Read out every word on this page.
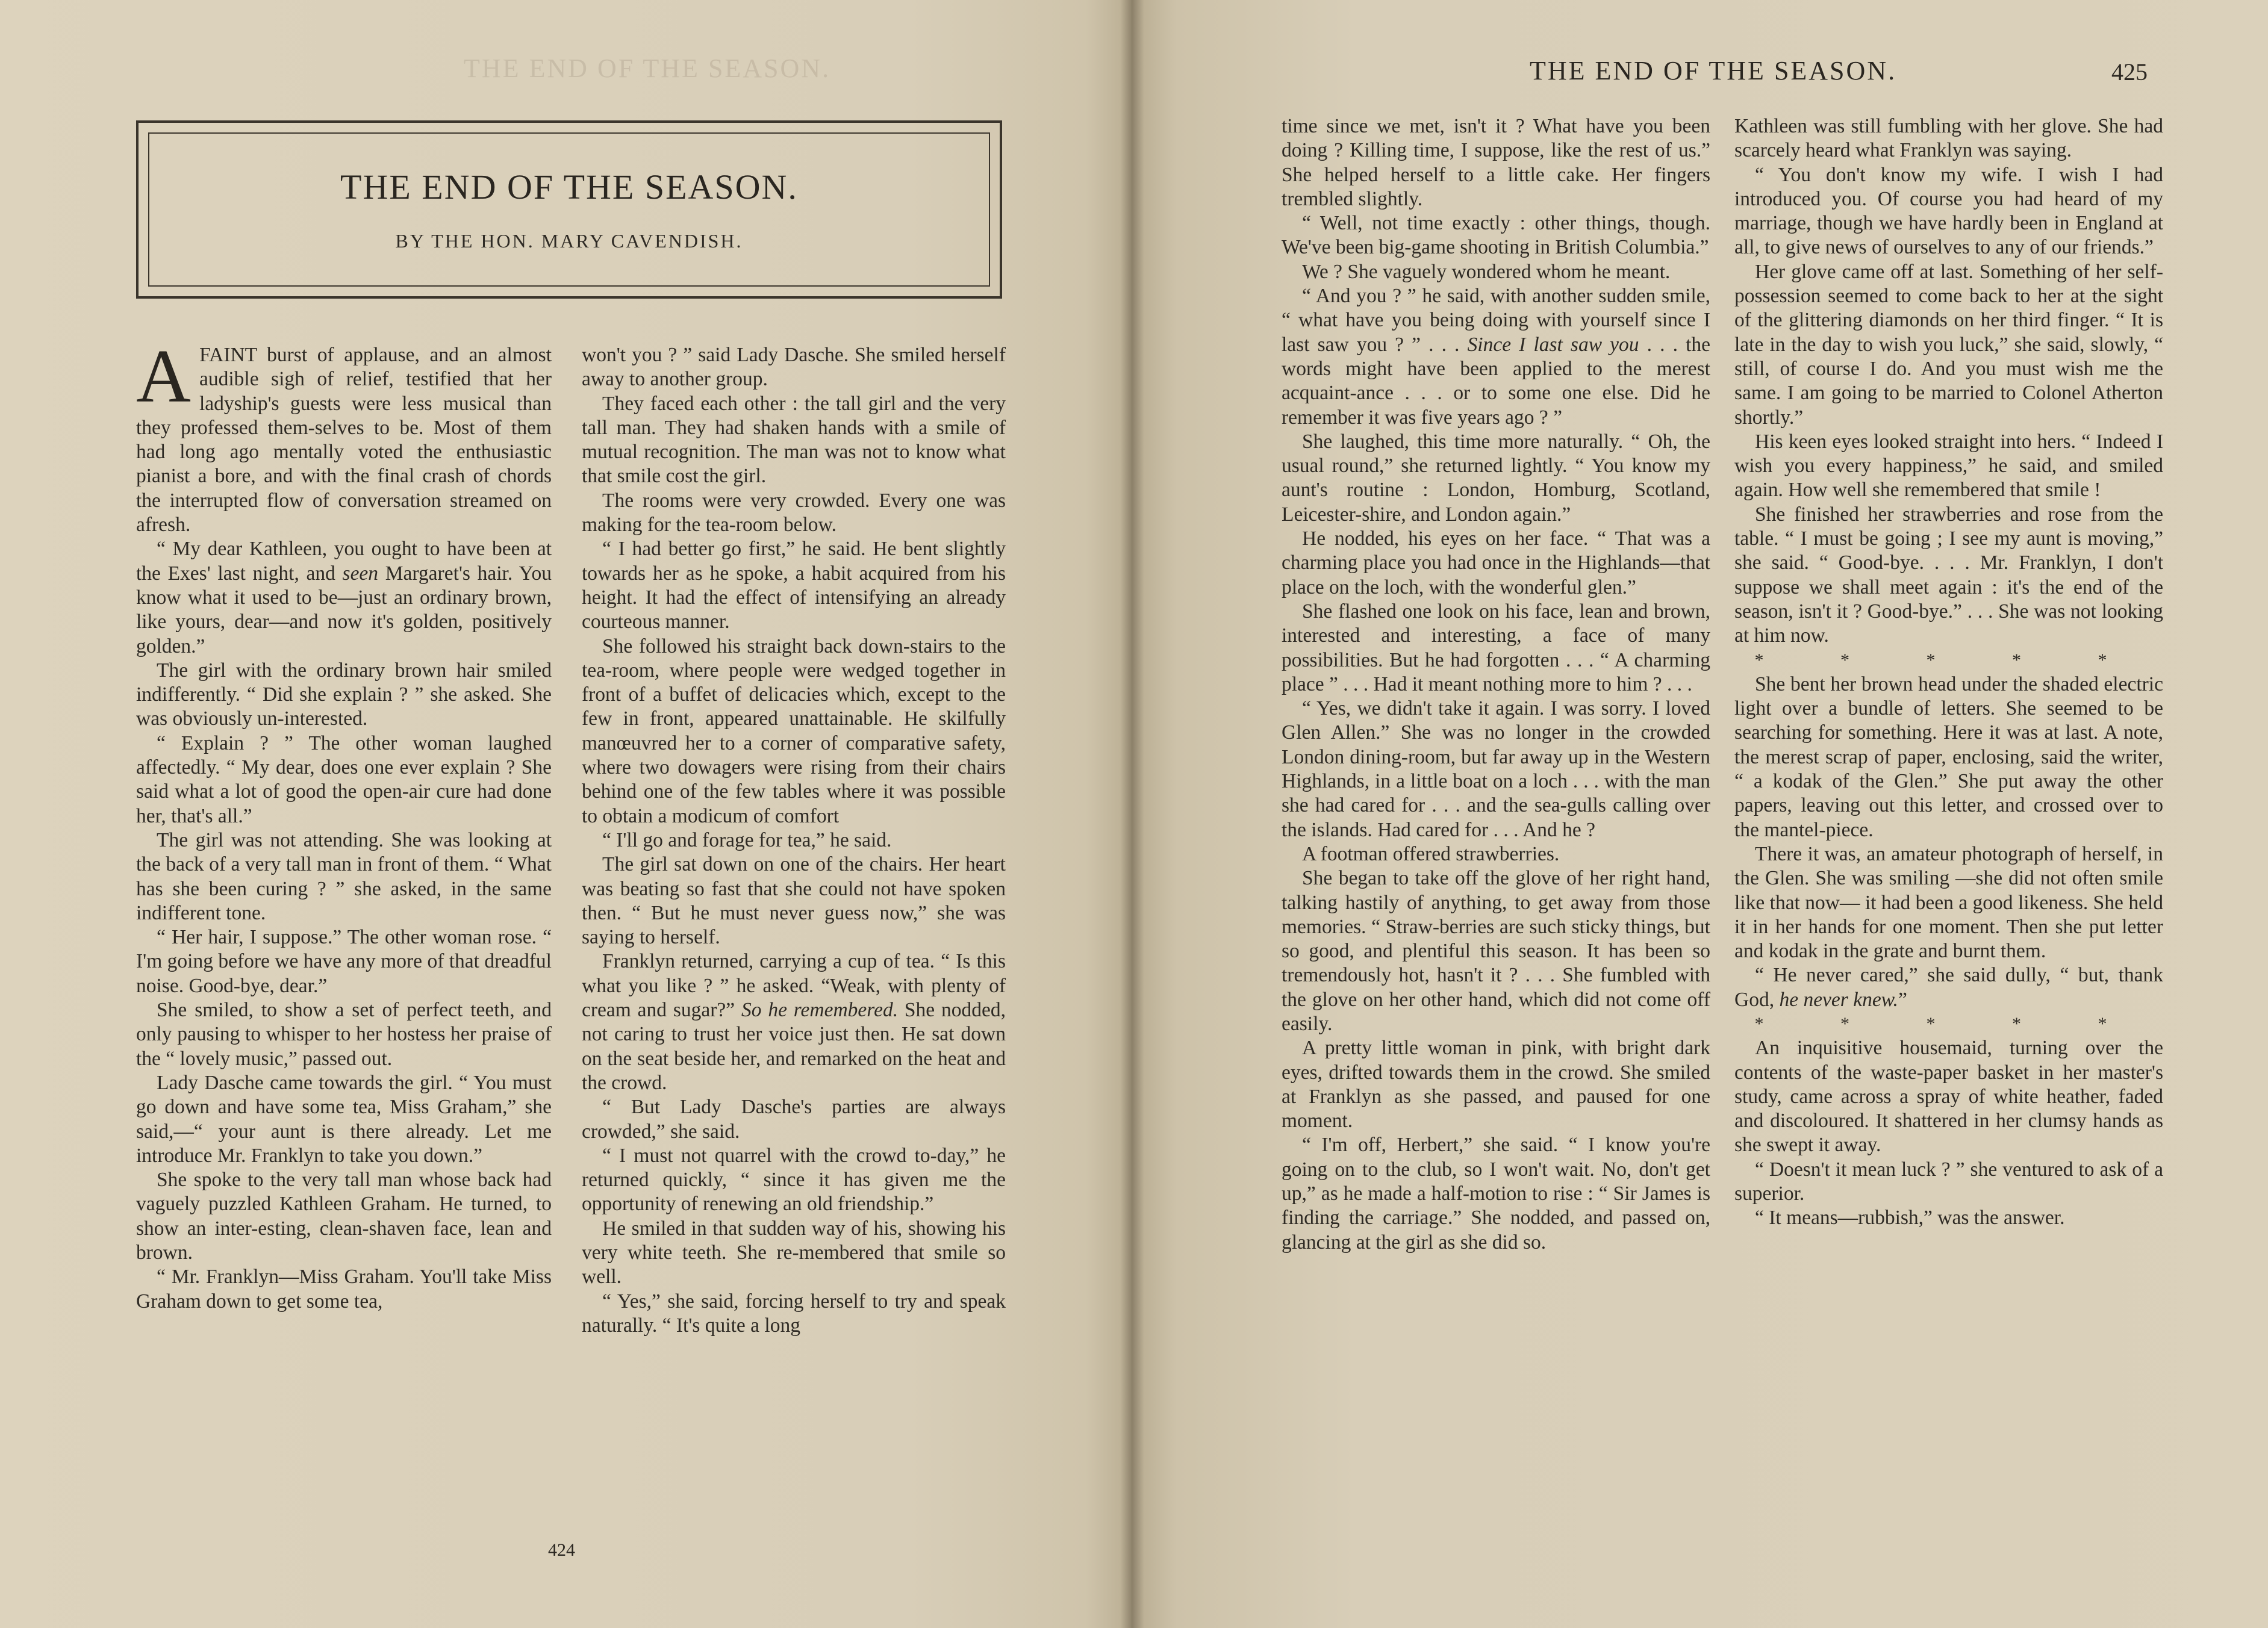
THE END OF THE SEASON.
THE END OF THE SEASON.
BY THE HON. MARY CAVENDISH.

AFAINT burst of applause, and an almost audible sigh of relief, testified that her ladyship's guests were less musical than they professed them-selves to be. Most of them had long ago mentally voted the enthusiastic pianist a bore, and with the final crash of chords the interrupted flow of conversation streamed on afresh.

“ My dear Kathleen, you ought to have been at the Exes' last night, and seen Margaret's hair. You know what it used to be—just an ordinary brown, like yours, dear—and now it's golden, positively golden.”

The girl with the ordinary brown hair smiled indifferently. “ Did she explain ? ” she asked. She was obviously un-interested.

“ Explain ? ” The other woman laughed affectedly. “ My dear, does one ever explain ? She said what a lot of good the open-air cure had done her, that's all.”

The girl was not attending. She was looking at the back of a very tall man in front of them. “ What has she been curing ? ” she asked, in the same indifferent tone.

“ Her hair, I suppose.” The other woman rose. “ I'm going before we have any more of that dreadful noise. Good-bye, dear.”

She smiled, to show a set of perfect teeth, and only pausing to whisper to her hostess her praise of the “ lovely music,” passed out.

Lady Dasche came towards the girl. “ You must go down and have some tea, Miss Graham,” she said,—“ your aunt is there already. Let me introduce Mr. Franklyn to take you down.”

She spoke to the very tall man whose back had vaguely puzzled Kathleen Graham. He turned, to show an inter-esting, clean-shaven face, lean and brown.

“ Mr. Franklyn—Miss Graham. You'll take Miss Graham down to get some tea,

won't you ? ” said Lady Dasche. She smiled herself away to another group.

They faced each other : the tall girl and the very tall man. They had shaken hands with a smile of mutual recognition. The man was not to know what that smile cost the girl.

The rooms were very crowded. Every one was making for the tea-room below.

“ I had better go first,” he said. He bent slightly towards her as he spoke, a habit acquired from his height. It had the effect of intensifying an already courteous manner.

She followed his straight back down-stairs to the tea-room, where people were wedged together in front of a buffet of delicacies which, except to the few in front, appeared unattainable. He skilfully manœuvred her to a corner of comparative safety, where two dowagers were rising from their chairs behind one of the few tables where it was possible to obtain a modicum of comfort

“ I'll go and forage for tea,” he said.

The girl sat down on one of the chairs. Her heart was beating so fast that she could not have spoken then. “ But he must never guess now,” she was saying to herself.

Franklyn returned, carrying a cup of tea. “ Is this what you like ? ” he asked. “Weak, with plenty of cream and sugar?” So he remembered. She nodded, not caring to trust her voice just then. He sat down on the seat beside her, and remarked on the heat and the crowd.

“ But Lady Dasche's parties are always crowded,” she said.

“ I must not quarrel with the crowd to-day,” he returned quickly, “ since it has given me the opportunity of renewing an old friendship.”

He smiled in that sudden way of his, showing his very white teeth. She re-membered that smile so well.

“ Yes,” she said, forcing herself to try and speak naturally. “ It's quite a long

424
THE END OF THE SEASON.	425

time since we met, isn't it ? What have you been doing ? Killing time, I suppose, like the rest of us.” She helped herself to a little cake. Her fingers trembled slightly.

“ Well, not time exactly : other things, though. We've been big-game shooting in British Columbia.”

We ? She vaguely wondered whom he meant.

“ And you ? ” he said, with another sudden smile, “ what have you being doing with yourself since I last saw you ? ” . . . Since I last saw you . . . the words might have been applied to the merest acquaint-ance . . . or to some one else. Did he remember it was five years ago ? ”

She laughed, this time more naturally. “ Oh, the usual round,” she returned lightly. “ You know my aunt's routine : London, Homburg, Scotland, Leicester-shire, and London again.”

He nodded, his eyes on her face. “ That was a charming place you had once in the Highlands—that place on the loch, with the wonderful glen.”

She flashed one look on his face, lean and brown, interested and interesting, a face of many possibilities. But he had forgotten . . . “ A charming place ” . . . Had it meant nothing more to him ? . . .

“ Yes, we didn't take it again. I was sorry. I loved Glen Allen.” She was no longer in the crowded London dining-room, but far away up in the Western Highlands, in a little boat on a loch . . . with the man she had cared for . . . and the sea-gulls calling over the islands. Had cared for . . . And he ?

A footman offered strawberries.

She began to take off the glove of her right hand, talking hastily of anything, to get away from those memories. “ Straw-berries are such sticky things, but so good, and plentiful this season. It has been so tremendously hot, hasn't it ? . . . She fumbled with the glove on her other hand, which did not come off easily.

A pretty little woman in pink, with bright dark eyes, drifted towards them in the crowd. She smiled at Franklyn as she passed, and paused for one moment.

“ I'm off, Herbert,” she said. “ I know you're going on to the club, so I won't wait. No, don't get up,” as he made a half-motion to rise : “ Sir James is finding the carriage.” She nodded, and passed on, glancing at the girl as she did so.

Kathleen was still fumbling with her glove. She had scarcely heard what Franklyn was saying.

“ You don't know my wife. I wish I had introduced you. Of course you had heard of my marriage, though we have hardly been in England at all, to give news of ourselves to any of our friends.”

Her glove came off at last. Something of her self-possession seemed to come back to her at the sight of the glittering diamonds on her third finger. “ It is late in the day to wish you luck,” she said, slowly, “ still, of course I do. And you must wish me the same. I am going to be married to Colonel Atherton shortly.”

His keen eyes looked straight into hers. “ Indeed I wish you every happiness,” he said, and smiled again. How well she remembered that smile !

She finished her strawberries and rose from the table. “ I must be going ; I see my aunt is moving,” she said. “ Good-bye. . . . Mr. Franklyn, I don't suppose we shall meet again : it's the end of the season, isn't it ? Good-bye.” . . . She was not looking at him now.

* * * * *

She bent her brown head under the shaded electric light over a bundle of letters. She seemed to be searching for something. Here it was at last. A note, the merest scrap of paper, enclosing, said the writer, “ a kodak of the Glen.” She put away the other papers, leaving out this letter, and crossed over to the mantel-piece.

There it was, an amateur photograph of herself, in the Glen. She was smiling —she did not often smile like that now— it had been a good likeness. She held it in her hands for one moment. Then she put letter and kodak in the grate and burnt them.

“ He never cared,” she said dully, “ but, thank God, he never knew.”

* * * * *

An inquisitive housemaid, turning over the contents of the waste-paper basket in her master's study, came across a spray of white heather, faded and discoloured. It shattered in her clumsy hands as she swept it away.

“ Doesn't it mean luck ? ” she ventured to ask of a superior.

“ It means—rubbish,” was the answer.
